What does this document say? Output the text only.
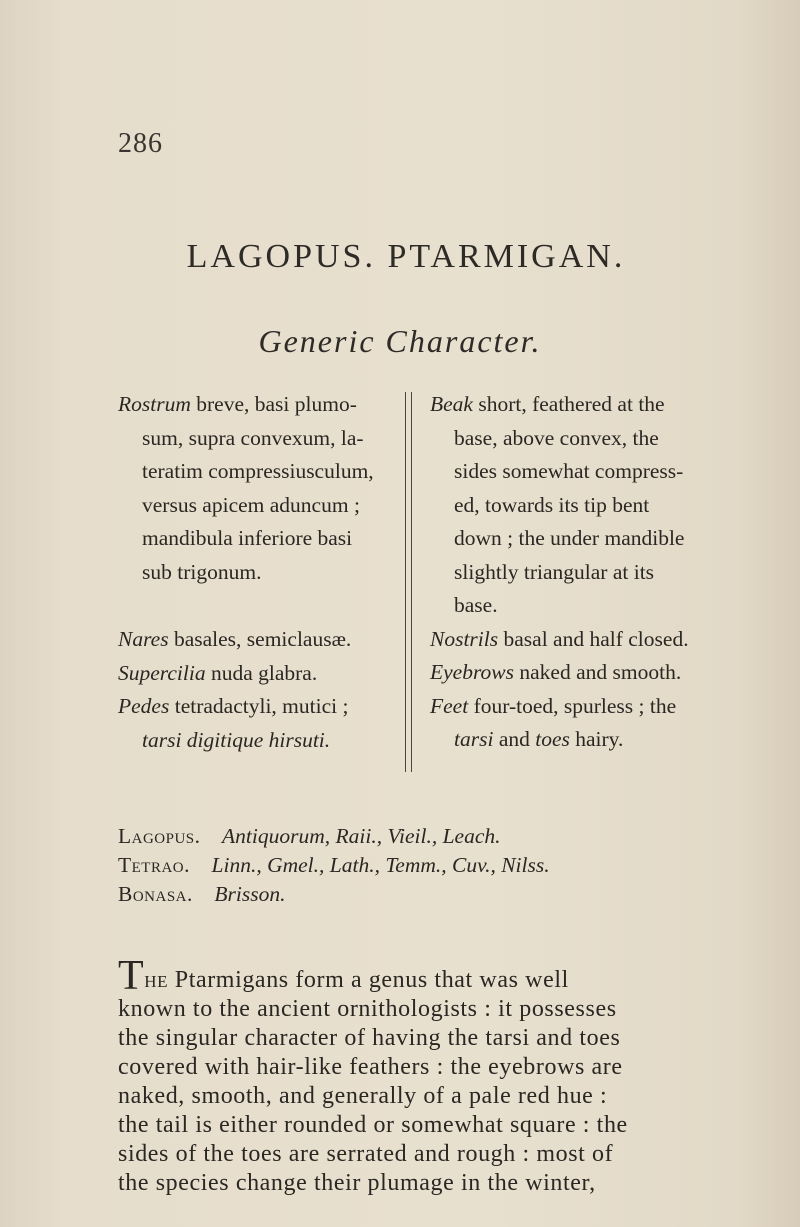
286
LAGOPUS. PTARMIGAN.
Generic Character.
Rostrum breve, basi plumo-
sum, supra convexum, la-
teratim compressiusculum,
versus apicem aduncum ;
mandibula inferiore basi
sub trigonum.
Nares basales, semiclausæ.
Supercilia nuda glabra.
Pedes tetradactyli, mutici ;
tarsi digitique hirsuti.
Beak short, feathered at the
base, above convex, the
sides somewhat compress-
ed, towards its tip bent
down ; the under mandible
slightly triangular at its
base.
Nostrils basal and half closed.
Eyebrows naked and smooth.
Feet four-toed, spurless ; the
tarsi and toes hairy.
Lagopus. Antiquorum, Raii., Vieil., Leach.
Tetrao. Linn., Gmel., Lath., Temm., Cuv., Nilss.
Bonasa. Brisson.
The Ptarmigans form a genus that was well
known to the ancient ornithologists : it possesses
the singular character of having the tarsi and toes
covered with hair-like feathers : the eyebrows are
naked, smooth, and generally of a pale red hue :
the tail is either rounded or somewhat square : the
sides of the toes are serrated and rough : most of
the species change their plumage in the winter,
